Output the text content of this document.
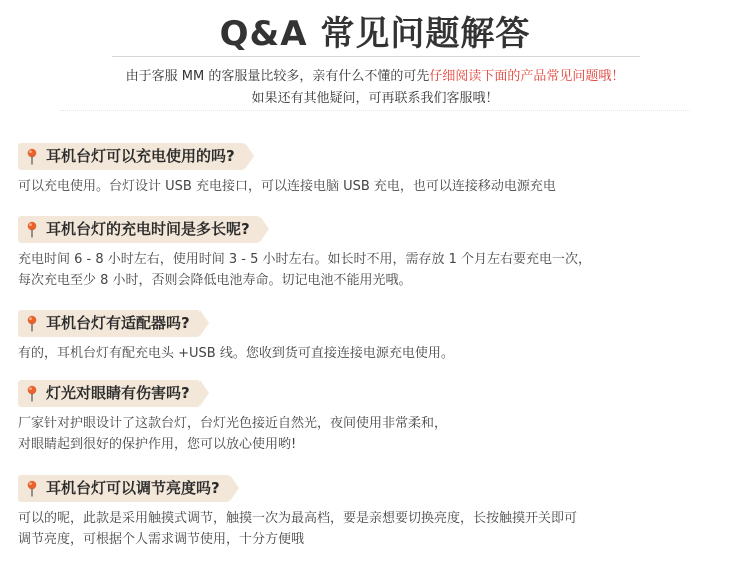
Q&A 常见问题解答
由于客服 MM 的客服量比较多，亲有什么不懂的可先仔细阅读下面的产品常见问题哦！
如果还有其他疑问，可再联系我们客服哦！
耳机台灯可以充电使用的吗?
可以充电使用。台灯设计 USB 充电接口，可以连接电脑 USB 充电，也可以连接移动电源充电
耳机台灯的充电时间是多长呢?
充电时间 6 - 8 小时左右，使用时间 3 - 5 小时左右。如长时不用，需存放 1 个月左右要充电一次，
每次充电至少 8 小时，否则会降低电池寿命。切记电池不能用光哦。
耳机台灯有适配器吗?
有的，耳机台灯有配充电头 +USB 线。您收到货可直接连接电源充电使用。
灯光对眼睛有伤害吗?
厂家针对护眼设计了这款台灯，台灯光色接近自然光，夜间使用非常柔和，
对眼睛起到很好的保护作用，您可以放心使用哟!
耳机台灯可以调节亮度吗?
可以的呢，此款是采用触摸式调节，触摸一次为最高档，要是亲想要切换亮度，长按触摸开关即可
调节亮度，可根据个人需求调节使用，十分方便哦
